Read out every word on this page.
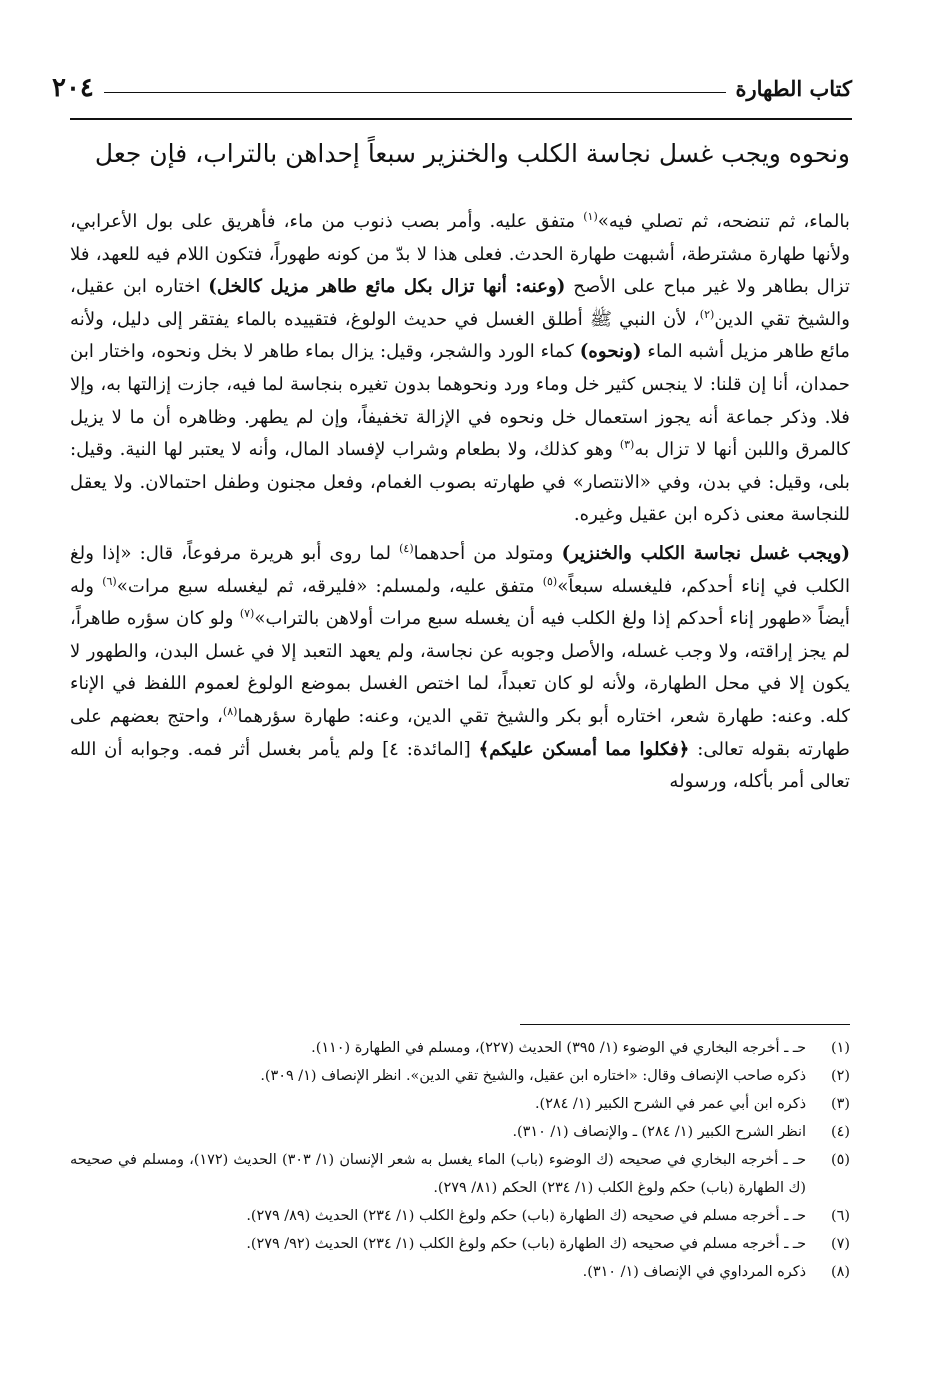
كتاب الطهارة
٢٠٤
ونحوه ويجب غسل نجاسة الكلب والخنزير سبعاً إحداهن بالتراب، فإن جعل

بالماء، ثم تنضحه، ثم تصلي فيه»$^{(١)}$ متفق عليه. وأمر بصب ذنوب من ماء، فأهريق على بول الأعرابي، ولأنها طهارة مشترطة، أشبهت طهارة الحدث. فعلى هذا لا بدّ من كونه طهوراً، فتكون اللام فيه للعهد، فلا تزال بطاهر ولا غير مباح على الأصح (وعنه: أنها تزال بكل مائع طاهر مزيل كالخل) اختاره ابن عقيل، والشيخ تقي الدين$^{(٢)}$، لأن النبي ﷺ أطلق الغسل في حديث الولوغ، فتقييده بالماء يفتقر إلى دليل، ولأنه مائع طاهر مزيل أشبه الماء (ونحوه) كماء الورد والشجر، وقيل: يزال بماء طاهر لا بخل ونحوه، واختار ابن حمدان، أنا إن قلنا: لا ينجس كثير خل وماء ورد ونحوهما بدون تغيره بنجاسة لما فيه، جازت إزالتها به، وإلا فلا. وذكر جماعة أنه يجوز استعمال خل ونحوه في الإزالة تخفيفاً، وإن لم يطهر. وظاهره أن ما لا يزيل كالمرق واللبن أنها لا تزال به$^{(٣)}$ وهو كذلك، ولا بطعام وشراب لإفساد المال، وأنه لا يعتبر لها النية. وقيل: بلى، وقيل: في بدن، وفي «الانتصار» في طهارته بصوب الغمام، وفعل مجنون وطفل احتمالان. ولا يعقل للنجاسة معنى ذكره ابن عقيل وغيره.

(ويجب غسل نجاسة الكلب والخنزير) ومتولد من أحدهما$^{(٤)}$ لما روى أبو هريرة مرفوعاً، قال: «إذا ولغ الكلب في إناء أحدكم، فليغسله سبعاً»$^{(٥)}$ متفق عليه، ولمسلم: «فليرقه، ثم ليغسله سبع مرات»$^{(٦)}$ وله أيضاً «طهور إناء أحدكم إذا ولغ الكلب فيه أن يغسله سبع مرات أولاهن بالتراب»$^{(٧)}$ ولو كان سؤره طاهراً، لم يجز إراقته، ولا وجب غسله، والأصل وجوبه عن نجاسة، ولم يعهد التعبد إلا في غسل البدن، والطهور لا يكون إلا في محل الطهارة، ولأنه لو كان تعبداً، لما اختص الغسل بموضع الولوغ لعموم اللفظ في الإناء كله. وعنه: طهارة شعر، اختاره أبو بكر والشيخ تقي الدين، وعنه: طهارة سؤرهما$^{(٨)}$، واحتج بعضهم على طهارته بقوله تعالى: ﴿فكلوا مما أمسكن عليكم﴾ [المائدة: ٤] ولم يأمر بغسل أثر فمه. وجوابه أن الله تعالى أمر بأكله، ورسوله

(١)
حـ ـ أخرجه البخاري في الوضوء (١/ ٣٩٥) الحديث (٢٢٧)، ومسلم في الطهارة (١١٠).
(٢)
ذكره صاحب الإنصاف وقال: «اختاره ابن عقيل، والشيخ تقي الدين». انظر الإنصاف (١/ ٣٠٩).
(٣)
ذكره ابن أبي عمر في الشرح الكبير (١/ ٢٨٤).
(٤)
انظر الشرح الكبير (١/ ٢٨٤) ـ والإنصاف (١/ ٣١٠).
(٥)
حـ ـ أخرجه البخاري في صحيحه (ك الوضوء (باب) الماء يغسل به شعر الإنسان (١/ ٣٠٣) الحديث (١٧٢)، ومسلم في صحيحه (ك الطهارة (باب) حكم ولوغ الكلب (١/ ٢٣٤) الحكم (٨١/ ٢٧٩).
(٦)
حـ ـ أخرجه مسلم في صحيحه (ك الطهارة (باب) حكم ولوغ الكلب (١/ ٢٣٤) الحديث (٨٩/ ٢٧٩).
(٧)
حـ ـ أخرجه مسلم في صحيحه (ك الطهارة (باب) حكم ولوغ الكلب (١/ ٢٣٤) الحديث (٩٢/ ٢٧٩).
(٨)
ذكره المرداوي في الإنصاف (١/ ٣١٠).
